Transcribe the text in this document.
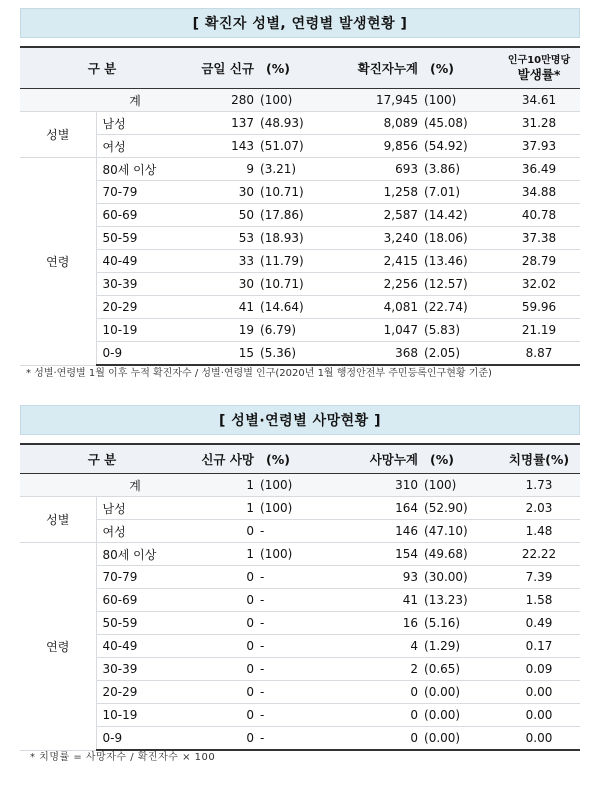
[ 확진자 성별, 연령별 발생현황 ]
구 분		금일 신규	(%)	확진자누계	(%)	인구10만명당
발생률*

계		280	(100)	17,945	(100)	34.61
성별	남성	137	(48.93)	8,089	(45.08)	31.28
	여성	143	(51.07)	9,856	(54.92)	37.93
연령	80세 이상	9	(3.21)	693	(3.86)	36.49
	70-79	30	(10.71)	1,258	(7.01)	34.88
	60-69	50	(17.86)	2,587	(14.42)	40.78
	50-59	53	(18.93)	3,240	(18.06)	37.38
	40-49	33	(11.79)	2,415	(13.46)	28.79
	30-39	30	(10.71)	2,256	(12.57)	32.02
	20-29	41	(14.64)	4,081	(22.74)	59.96
	10-19	19	(6.79)	1,047	(5.83)	21.19
	0-9	15	(5.36)	368	(2.05)	8.87
* 성별·연령별 1월 이후 누적 확진자수 / 성별·연령별 인구(2020년 1월 행정안전부 주민등록인구현황 기준)
[ 성별·연령별 사망현황 ]
구 분		신규 사망	(%)	사망누계	(%)	치명률(%)
계		1	(100)	310	(100)	1.73
성별	남성	1	(100)	164	(52.90)	2.03
	여성	0	-	146	(47.10)	1.48
연령	80세 이상	1	(100)	154	(49.68)	22.22
	70-79	0	-	93	(30.00)	7.39
	60-69	0	-	41	(13.23)	1.58
	50-59	0	-	16	(5.16)	0.49
	40-49	0	-	4	(1.29)	0.17
	30-39	0	-	2	(0.65)	0.09
	20-29	0	-	0	(0.00)	0.00
	10-19	0	-	0	(0.00)	0.00
	0-9	0	-	0	(0.00)	0.00
* 치명률 = 사망자수 / 확진자수 × 100
